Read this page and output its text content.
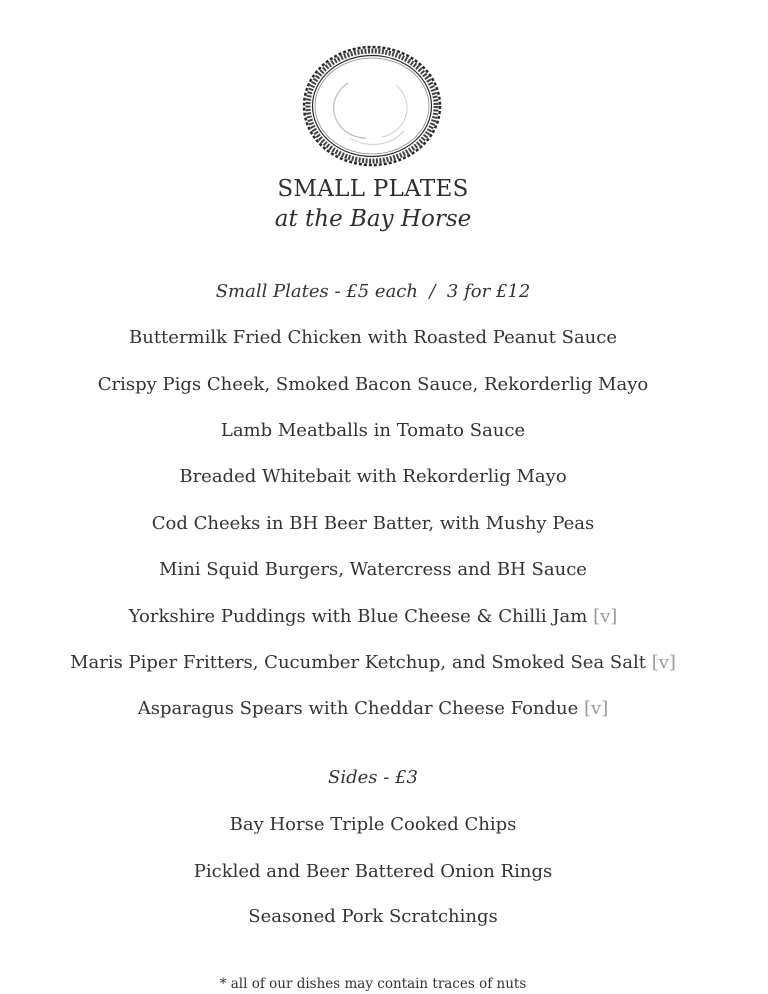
SMALL PLATES
at the Bay Horse
Small Plates - £5 each  /  3 for £12
Buttermilk Fried Chicken with Roasted Peanut Sauce
Crispy Pigs Cheek, Smoked Bacon Sauce, Rekorderlig Mayo
Lamb Meatballs in Tomato Sauce
Breaded Whitebait with Rekorderlig Mayo
Cod Cheeks in BH Beer Batter, with Mushy Peas
Mini Squid Burgers, Watercress and BH Sauce
Yorkshire Puddings with Blue Cheese & Chilli Jam [v]
Maris Piper Fritters, Cucumber Ketchup, and Smoked Sea Salt [v]
Asparagus Spears with Cheddar Cheese Fondue [v]
Sides - £3
Bay Horse Triple Cooked Chips
Pickled and Beer Battered Onion Rings
Seasoned Pork Scratchings
* all of our dishes may contain traces of nuts
